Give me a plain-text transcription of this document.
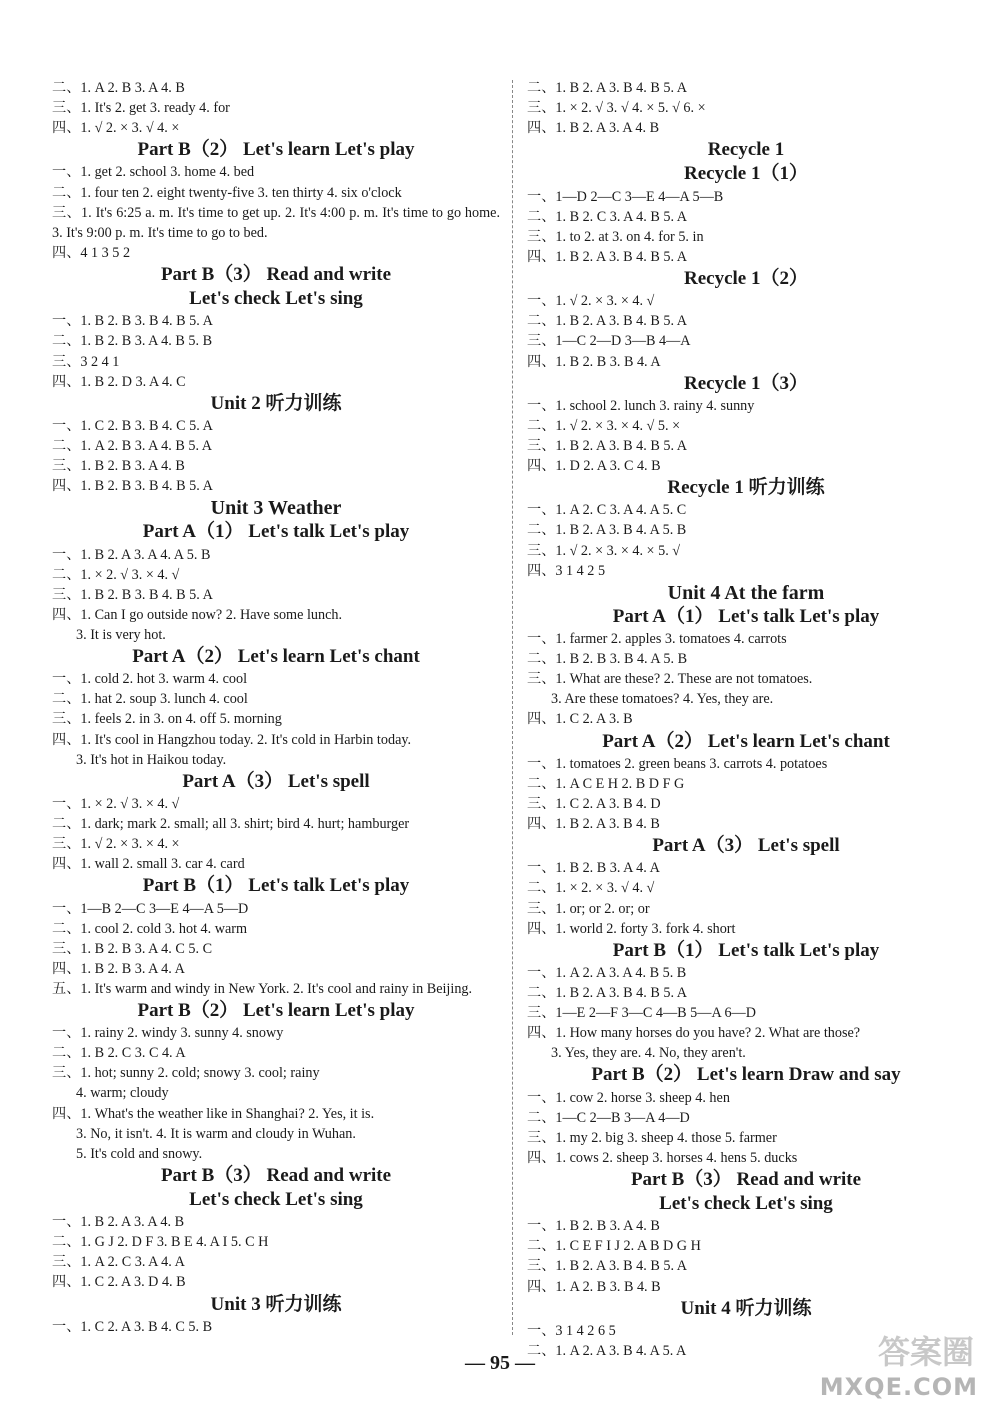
二、1. A 2. B 3. A 4. B
三、1. It's 2. get 3. ready 4. for
四、1. √ 2. × 3. √ 4. ×
Part B（2） Let's learn Let's play
一、1. get 2. school 3. home 4. bed
二、1. four ten 2. eight twenty-five 3. ten thirty 4. six o'clock
三、1. It's 6:25 a. m. It's time to get up. 2. It's 4:00 p. m. It's time to go home. 3. It's 9:00 p. m. It's time to go to bed.
四、4 1 3 5 2
Part B（3） Read and write
Let's check Let's sing
一、1. B 2. B 3. B 4. B 5. A
二、1. B 2. B 3. A 4. B 5. B
三、3 2 4 1
四、1. B 2. D 3. A 4. C
Unit 2 听力训练
一、1. C 2. B 3. B 4. C 5. A
二、1. A 2. B 3. A 4. B 5. A
三、1. B 2. B 3. A 4. B
四、1. B 2. B 3. B 4. B 5. A
Unit 3 Weather
Part A（1） Let's talk Let's play
一、1. B 2. A 3. A 4. A 5. B
二、1. × 2. √ 3. × 4. √
三、1. B 2. B 3. B 4. B 5. A
四、1. Can I go outside now? 2. Have some lunch.
3. It is very hot.
Part A（2） Let's learn Let's chant
一、1. cold 2. hot 3. warm 4. cool
二、1. hat 2. soup 3. lunch 4. cool
三、1. feels 2. in 3. on 4. off 5. morning
四、1. It's cool in Hangzhou today. 2. It's cold in Harbin today.
3. It's hot in Haikou today.
Part A（3） Let's spell
一、1. × 2. √ 3. × 4. √
二、1. dark; mark 2. small; all 3. shirt; bird 4. hurt; hamburger
三、1. √ 2. × 3. × 4. ×
四、1. wall 2. small 3. car 4. card
Part B（1） Let's talk Let's play
一、1—B 2—C 3—E 4—A 5—D
二、1. cool 2. cold 3. hot 4. warm
三、1. B 2. B 3. A 4. C 5. C
四、1. B 2. B 3. A 4. A
五、1. It's warm and windy in New York. 2. It's cool and rainy in Beijing.
Part B（2） Let's learn Let's play
一、1. rainy 2. windy 3. sunny 4. snowy
二、1. B 2. C 3. C 4. A
三、1. hot; sunny 2. cold; snowy 3. cool; rainy
4. warm; cloudy
四、1. What's the weather like in Shanghai? 2. Yes, it is.
3. No, it isn't. 4. It is warm and cloudy in Wuhan.
5. It's cold and snowy.
Part B（3） Read and write
Let's check Let's sing
一、1. B 2. A 3. A 4. B
二、1. G J 2. D F 3. B E 4. A I 5. C H
三、1. A 2. C 3. A 4. A
四、1. C 2. A 3. D 4. B
Unit 3 听力训练
一、1. C 2. A 3. B 4. C 5. B
二、1. B 2. A 3. B 4. B 5. A
三、1. × 2. √ 3. √ 4. × 5. √ 6. ×
四、1. B 2. A 3. A 4. B
Recycle 1
Recycle 1（1）
一、1—D 2—C 3—E 4—A 5—B
二、1. B 2. C 3. A 4. B 5. A
三、1. to 2. at 3. on 4. for 5. in
四、1. B 2. A 3. B 4. B 5. A
Recycle 1（2）
一、1. √ 2. × 3. × 4. √
二、1. B 2. A 3. B 4. B 5. A
三、1—C 2—D 3—B 4—A
四、1. B 2. B 3. B 4. A
Recycle 1（3）
一、1. school 2. lunch 3. rainy 4. sunny
二、1. √ 2. × 3. × 4. √ 5. ×
三、1. B 2. A 3. B 4. B 5. A
四、1. D 2. A 3. C 4. B
Recycle 1 听力训练
一、1. A 2. C 3. A 4. A 5. C
二、1. B 2. A 3. B 4. A 5. B
三、1. √ 2. × 3. × 4. × 5. √
四、3 1 4 2 5
Unit 4 At the farm
Part A（1） Let's talk Let's play
一、1. farmer 2. apples 3. tomatoes 4. carrots
二、1. B 2. B 3. B 4. A 5. B
三、1. What are these? 2. These are not tomatoes.
3. Are these tomatoes? 4. Yes, they are.
四、1. C 2. A 3. B
Part A（2） Let's learn Let's chant
一、1. tomatoes 2. green beans 3. carrots 4. potatoes
二、1. A C E H 2. B D F G
三、1. C 2. A 3. B 4. D
四、1. B 2. A 3. B 4. B
Part A（3） Let's spell
一、1. B 2. B 3. A 4. A
二、1. × 2. × 3. √ 4. √
三、1. or; or 2. or; or
四、1. world 2. forty 3. fork 4. short
Part B（1） Let's talk Let's play
一、1. A 2. A 3. A 4. B 5. B
二、1. B 2. A 3. B 4. B 5. A
三、1—E 2—F 3—C 4—B 5—A 6—D
四、1. How many horses do you have? 2. What are those?
3. Yes, they are. 4. No, they aren't.
Part B（2） Let's learn Draw and say
一、1. cow 2. horse 3. sheep 4. hen
二、1—C 2—B 3—A 4—D
三、1. my 2. big 3. sheep 4. those 5. farmer
四、1. cows 2. sheep 3. horses 4. hens 5. ducks
Part B（3） Read and write
Let's check Let's sing
一、1. B 2. B 3. A 4. B
二、1. C E F I J 2. A B D G H
三、1. B 2. A 3. B 4. B 5. A
四、1. A 2. B 3. B 4. B
Unit 4 听力训练
一、3 1 4 2 6 5
二、1. A 2. A 3. B 4. A 5. A
— 95 —	答案圈
MXQE.COM
